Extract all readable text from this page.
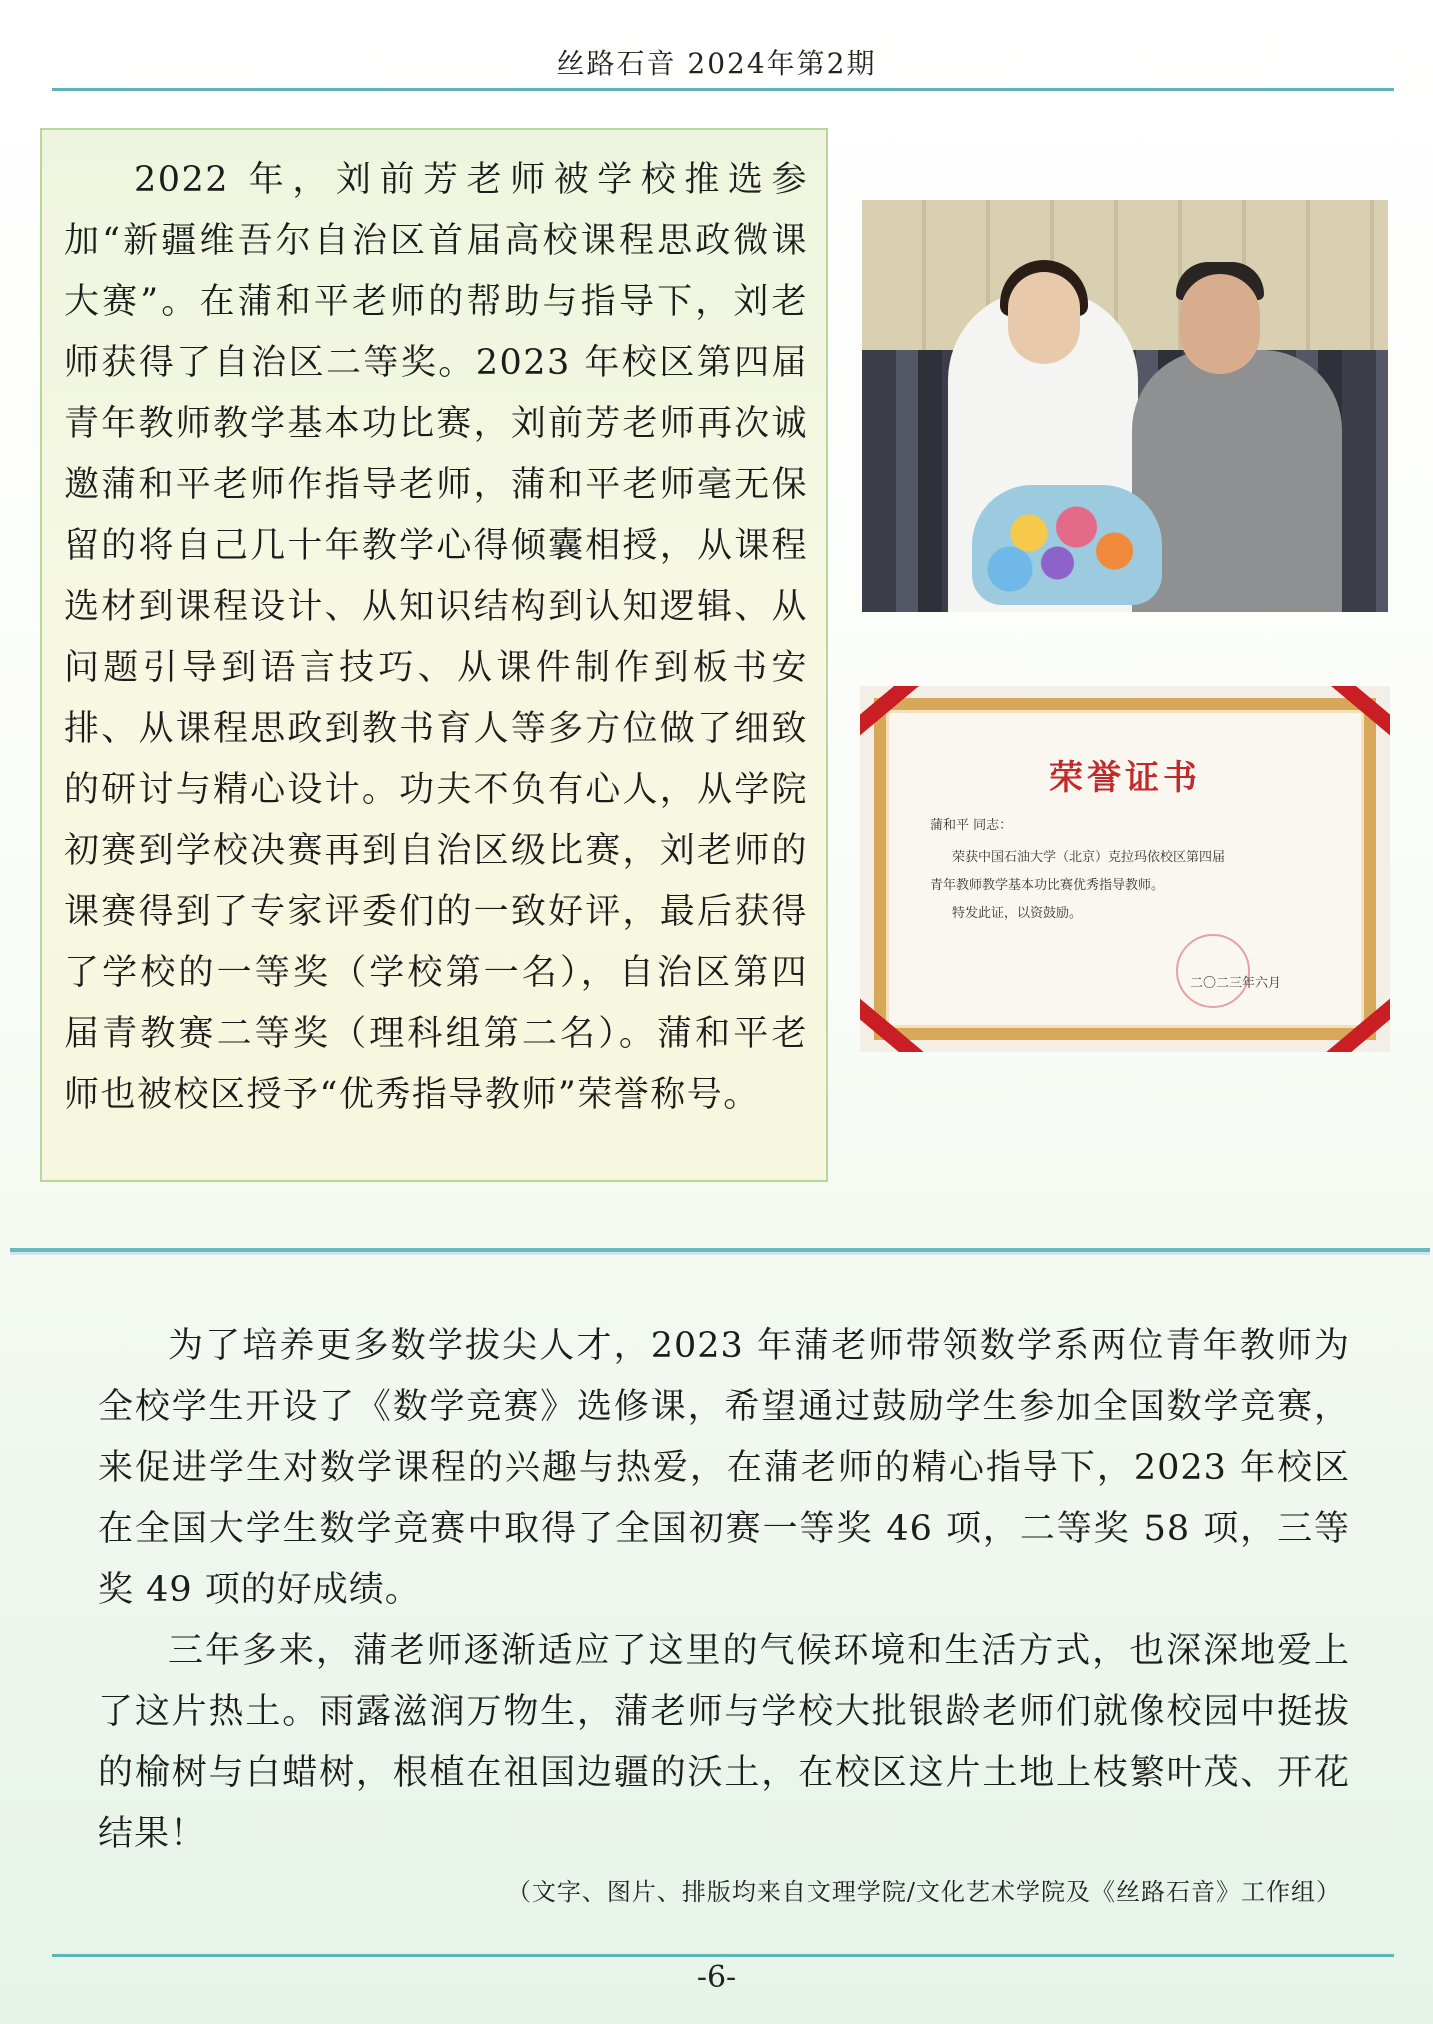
丝路石音 2024年第2期

2022 年，刘前芳老师被学校推选参加“新疆维吾尔自治区首届高校课程思政微课大赛”。在蒲和平老师的帮助与指导下，刘老师获得了自治区二等奖。2023 年校区第四届青年教师教学基本功比赛，刘前芳老师再次诚邀蒲和平老师作指导老师，蒲和平老师毫无保留的将自己几十年教学心得倾囊相授，从课程选材到课程设计、从知识结构到认知逻辑、从问题引导到语言技巧、从课件制作到板书安排、从课程思政到教书育人等多方位做了细致的研讨与精心设计。功夫不负有心人，从学院初赛到学校决赛再到自治区级比赛，刘老师的课赛得到了专家评委们的一致好评，最后获得了学校的一等奖（学校第一名），自治区第四届青教赛二等奖（理科组第二名）。蒲和平老师也被校区授予“优秀指导教师”荣誉称号。

荣誉证书
蒲和平 同志：
荣获中国石油大学（北京）克拉玛依校区第四届
青年教师教学基本功比赛优秀指导教师。
特发此证，以资鼓励。
二〇二三年六月

为了培养更多数学拔尖人才，2023 年蒲老师带领数学系两位青年教师为全校学生开设了《数学竞赛》选修课，希望通过鼓励学生参加全国数学竞赛，来促进学生对数学课程的兴趣与热爱，在蒲老师的精心指导下，2023 年校区在全国大学生数学竞赛中取得了全国初赛一等奖 46 项，二等奖 58 项，三等奖 49 项的好成绩。

三年多来，蒲老师逐渐适应了这里的气候环境和生活方式，也深深地爱上了这片热土。雨露滋润万物生，蒲老师与学校大批银龄老师们就像校园中挺拔的榆树与白蜡树，根植在祖国边疆的沃土，在校区这片土地上枝繁叶茂、开花结果！

（文字、图片、排版均来自文理学院/文化艺术学院及《丝路石音》工作组）
-6-
